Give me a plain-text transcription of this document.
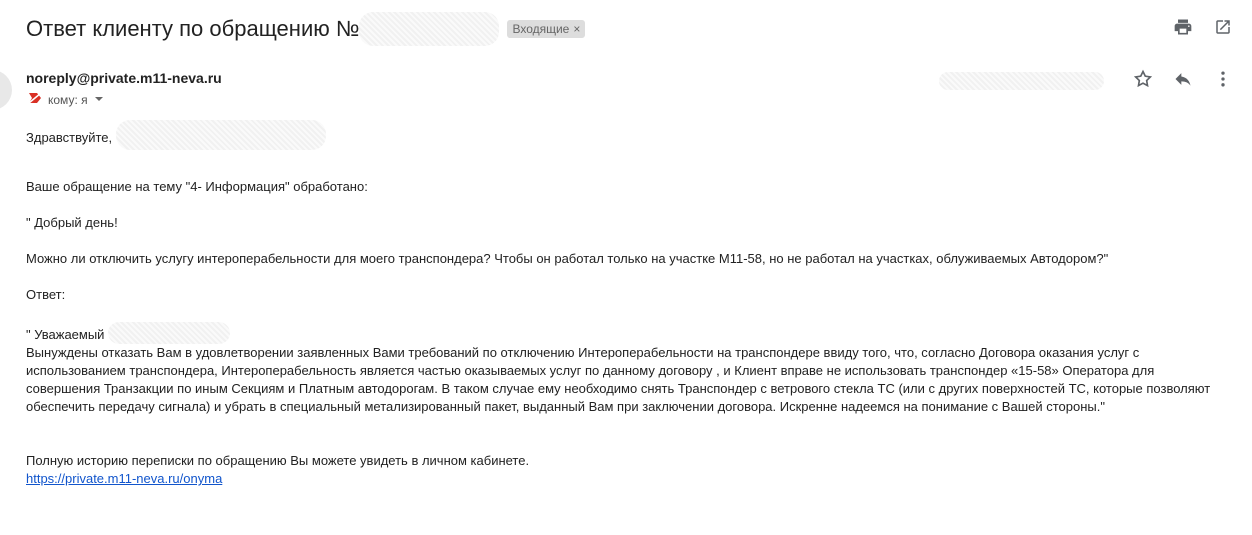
Ответ клиенту по обращению №	Входящие ×
noreply@private.m11-neva.ru
кому: я

Здравствуйте,

Ваше обращение на тему "4- Информация" обработано:

" Добрый день!

Можно ли отключить услугу интероперабельности для моего транспондера? Чтобы он работал только на участке М11-58, но не работал на участках, облуживаемых Автодором?"

Ответ:

" Уважаемый

Вынуждены отказать Вам в удовлетворении заявленных Вами требований по отключению Интероперабельности на транспондере ввиду того, что, согласно Договора оказания услуг с

использованием транспондера, Интероперабельность является частью оказываемых услуг по данному договору , и Клиент вправе не использовать транспондер «15-58» Оператора для

совершения Транзакции по иным Секциям и Платным автодорогам. В таком случае ему необходимо снять Транспондер с ветрового стекла ТС (или с других поверхностей ТС, которые позволяют

обеспечить передачу сигнала) и убрать в специальный метализированный пакет, выданный Вам при заключении договора. Искренне надеемся на понимание с Вашей стороны."

Полную историю переписки по обращению Вы можете увидеть в личном кабинете.

https://private.m11-neva.ru/onyma
